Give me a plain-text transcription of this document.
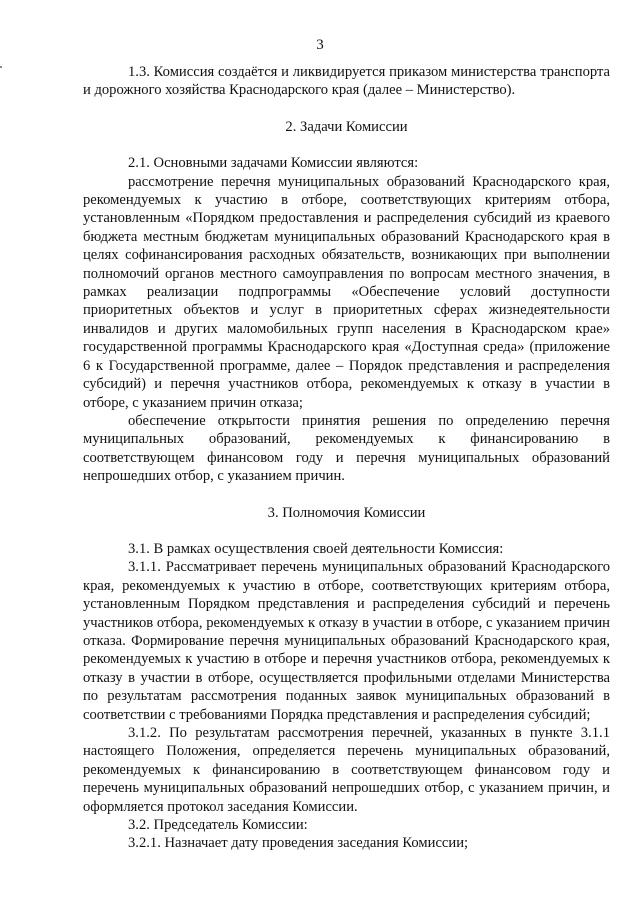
3

1.3. Комиссия создаётся и ликвидируется приказом министерства транспорта и дорожного хозяйства Краснодарского края (далее – Министерство).

2. Задачи Комиссии

2.1. Основными задачами Комиссии являются:

рассмотрение перечня муниципальных образований Краснодарского края, рекомендуемых к участию в отборе, соответствующих критериям отбора, установленным «Порядком предоставления и распределения субсидий из краевого бюджета местным бюджетам муниципальных образований Краснодарского края в целях софинансирования расходных обязательств, возникающих при выполнении полномочий органов местного самоуправления по вопросам местного значения, в рамках реализации подпрограммы «Обеспечение условий доступности приоритетных объектов и услуг в приоритетных сферах жизнедеятельности инвалидов и других маломобильных групп населения в Краснодарском крае» государственной программы Краснодарского края «Доступная среда» (приложение 6 к Государственной программе, далее – Порядок представления и распределения субсидий) и перечня участников отбора, рекомендуемых к отказу в участии в отборе, с указанием причин отказа;

обеспечение открытости принятия решения по определению перечня муниципальных образований, рекомендуемых к финансированию в соответствующем финансовом году и перечня муниципальных образований непрошедших отбор, с указанием причин.

3. Полномочия Комиссии

3.1. В рамках осуществления своей деятельности Комиссия:

3.1.1. Рассматривает перечень муниципальных образований Краснодарского края, рекомендуемых к участию в отборе, соответствующих критериям отбора, установленным Порядком представления и распределения субсидий и перечень участников отбора, рекомендуемых к отказу в участии в отборе, с указанием причин отказа. Формирование перечня муниципальных образований Краснодарского края, рекомендуемых к участию в отборе и перечня участников отбора, рекомендуемых к отказу в участии в отборе, осуществляется профильными отделами Министерства по результатам рассмотрения поданных заявок муниципальных образований в соответствии с требованиями Порядка представления и распределения субсидий;

3.1.2. По результатам рассмотрения перечней, указанных в пункте 3.1.1 настоящего Положения, определяется перечень муниципальных образований, рекомендуемых к финансированию в соответствующем финансовом году и перечень муниципальных образований непрошедших отбор, с указанием причин, и оформляется протокол заседания Комиссии.

3.2. Председатель Комиссии:

3.2.1. Назначает дату проведения заседания Комиссии;
